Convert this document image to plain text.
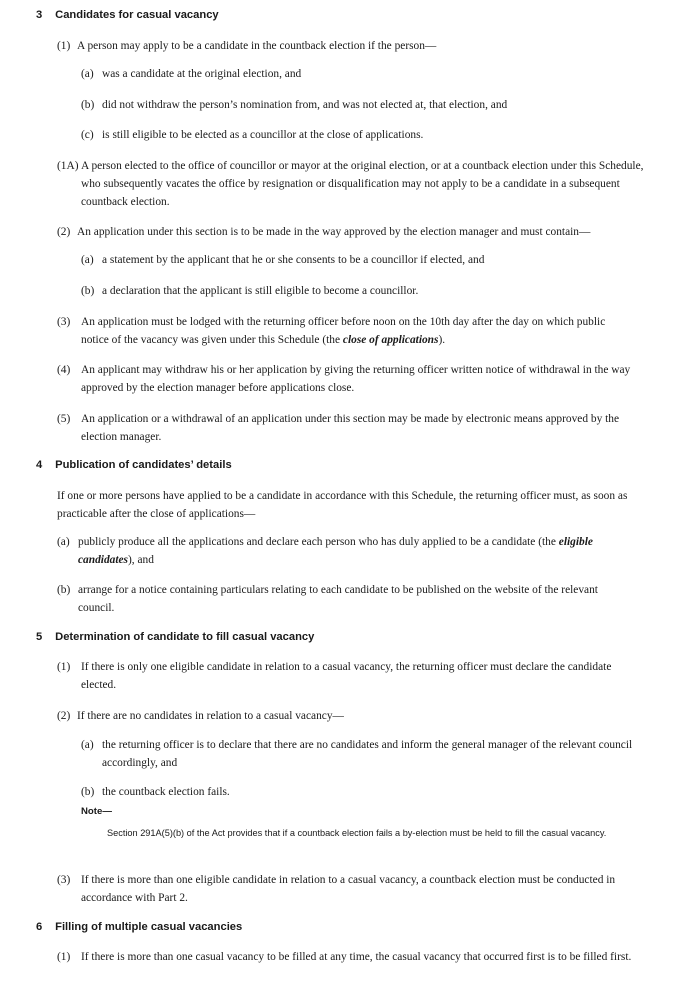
3 Candidates for casual vacancy
(1) A person may apply to be a candidate in the countback election if the person—
(a) was a candidate at the original election, and
(b) did not withdraw the person’s nomination from, and was not elected at, that election, and
(c) is still eligible to be elected as a councillor at the close of applications.
(1A) A person elected to the office of councillor or mayor at the original election, or at a countback election under this Schedule, who subsequently vacates the office by resignation or disqualification may not apply to be a candidate in a subsequent countback election.
(2) An application under this section is to be made in the way approved by the election manager and must contain—
(a) a statement by the applicant that he or she consents to be a councillor if elected, and
(b) a declaration that the applicant is still eligible to become a councillor.
(3) An application must be lodged with the returning officer before noon on the 10th day after the day on which public notice of the vacancy was given under this Schedule (the close of applications).
(4) An applicant may withdraw his or her application by giving the returning officer written notice of withdrawal in the way approved by the election manager before applications close.
(5) An application or a withdrawal of an application under this section may be made by electronic means approved by the election manager.
4 Publication of candidates’ details
If one or more persons have applied to be a candidate in accordance with this Schedule, the returning officer must, as soon as practicable after the close of applications—
(a) publicly produce all the applications and declare each person who has duly applied to be a candidate (the eligible candidates), and
(b) arrange for a notice containing particulars relating to each candidate to be published on the website of the relevant council.
5 Determination of candidate to fill casual vacancy
(1) If there is only one eligible candidate in relation to a casual vacancy, the returning officer must declare the candidate elected.
(2) If there are no candidates in relation to a casual vacancy—
(a) the returning officer is to declare that there are no candidates and inform the general manager of the relevant council accordingly, and
(b) the countback election fails.
Note—
Section 291A(5)(b) of the Act provides that if a countback election fails a by-election must be held to fill the casual vacancy.
(3) If there is more than one eligible candidate in relation to a casual vacancy, a countback election must be conducted in accordance with Part 2.
6 Filling of multiple casual vacancies
(1) If there is more than one casual vacancy to be filled at any time, the casual vacancy that occurred first is to be filled first.
